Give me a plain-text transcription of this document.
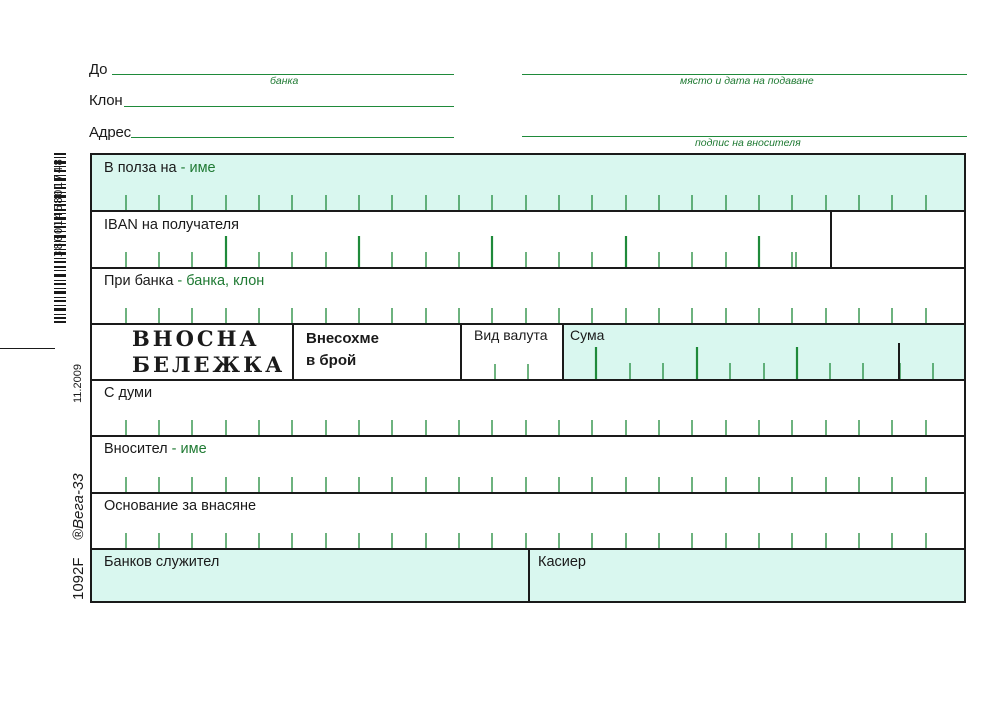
До
банка
Клон
Адрес
място и дата на подаване
подпис на вносителя
3800146801748
11.2009
®Вега-33
1092F
В полза на - име
IBAN на получателя
При банка - банка, клон
ВНОСНА
БЕЛЕЖКА
Внесохме
в брой
Вид валута Сума
С думи
Вносител - име
Основание за внасяне
Банков служител	Касиер
